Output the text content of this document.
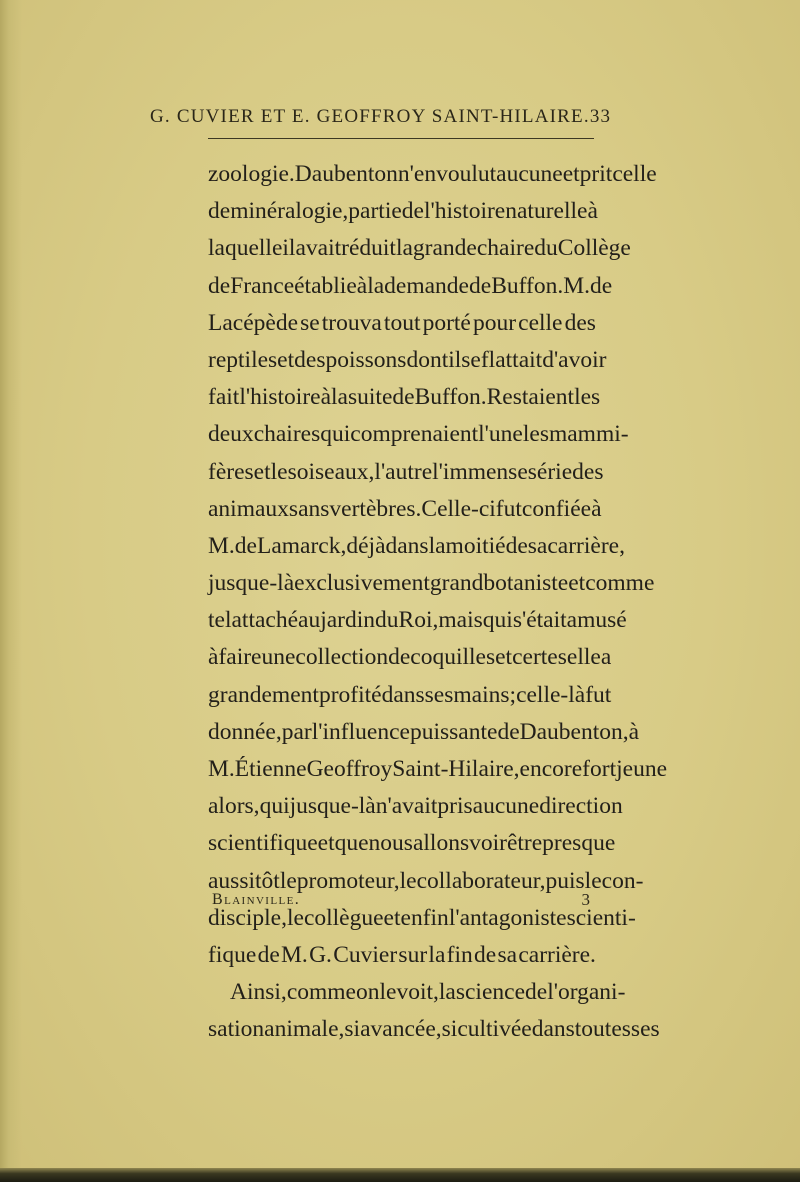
G. CUVIER ET E. GEOFFROY SAINT-HILAIRE. 33
zoologie. Daubenton n'en voulut aucune et prit celle
de minéralogie, partie de l'histoire naturelle à
laquelle il avait réduit la grande chaire du Collège
de France établie à la demande de Buffon. M. de
Lacépède se trouva tout porté pour celle des
reptiles et des poissons dont il se flattait d'avoir
fait l'histoire à la suite de Buffon. Restaient les
deux chaires qui comprenaient l'une les mammi-
fères et les oiseaux, l'autre l'immense série des
animaux sans vertèbres. Celle-ci fut confiée à
M. de Lamarck, déjà dans la moitié de sa carrière,
jusque-là exclusivement grand botaniste et comme
tel attaché au jardin du Roi, mais qui s'était amusé
à faire une collection de coquilles et certes elle a
grandement profité dans ses mains; celle-là fut
donnée, par l'influence puissante de Daubenton, à
M. Étienne Geoffroy Saint-Hilaire, encore fort jeune
alors, qui jusque-là n'avait pris aucune direction
scientifique et que nous allons voir être presque
aussitôt le promoteur, le collaborateur, puis le con-
disciple, le collègue et enfin l'antagoniste scienti-
fique de M. G. Cuvier sur la fin de sa carrière.
Ainsi, comme on le voit, la science de l'organi-
sation animale, si avancée, si cultivée dans toutes ses
Blainville.	3
